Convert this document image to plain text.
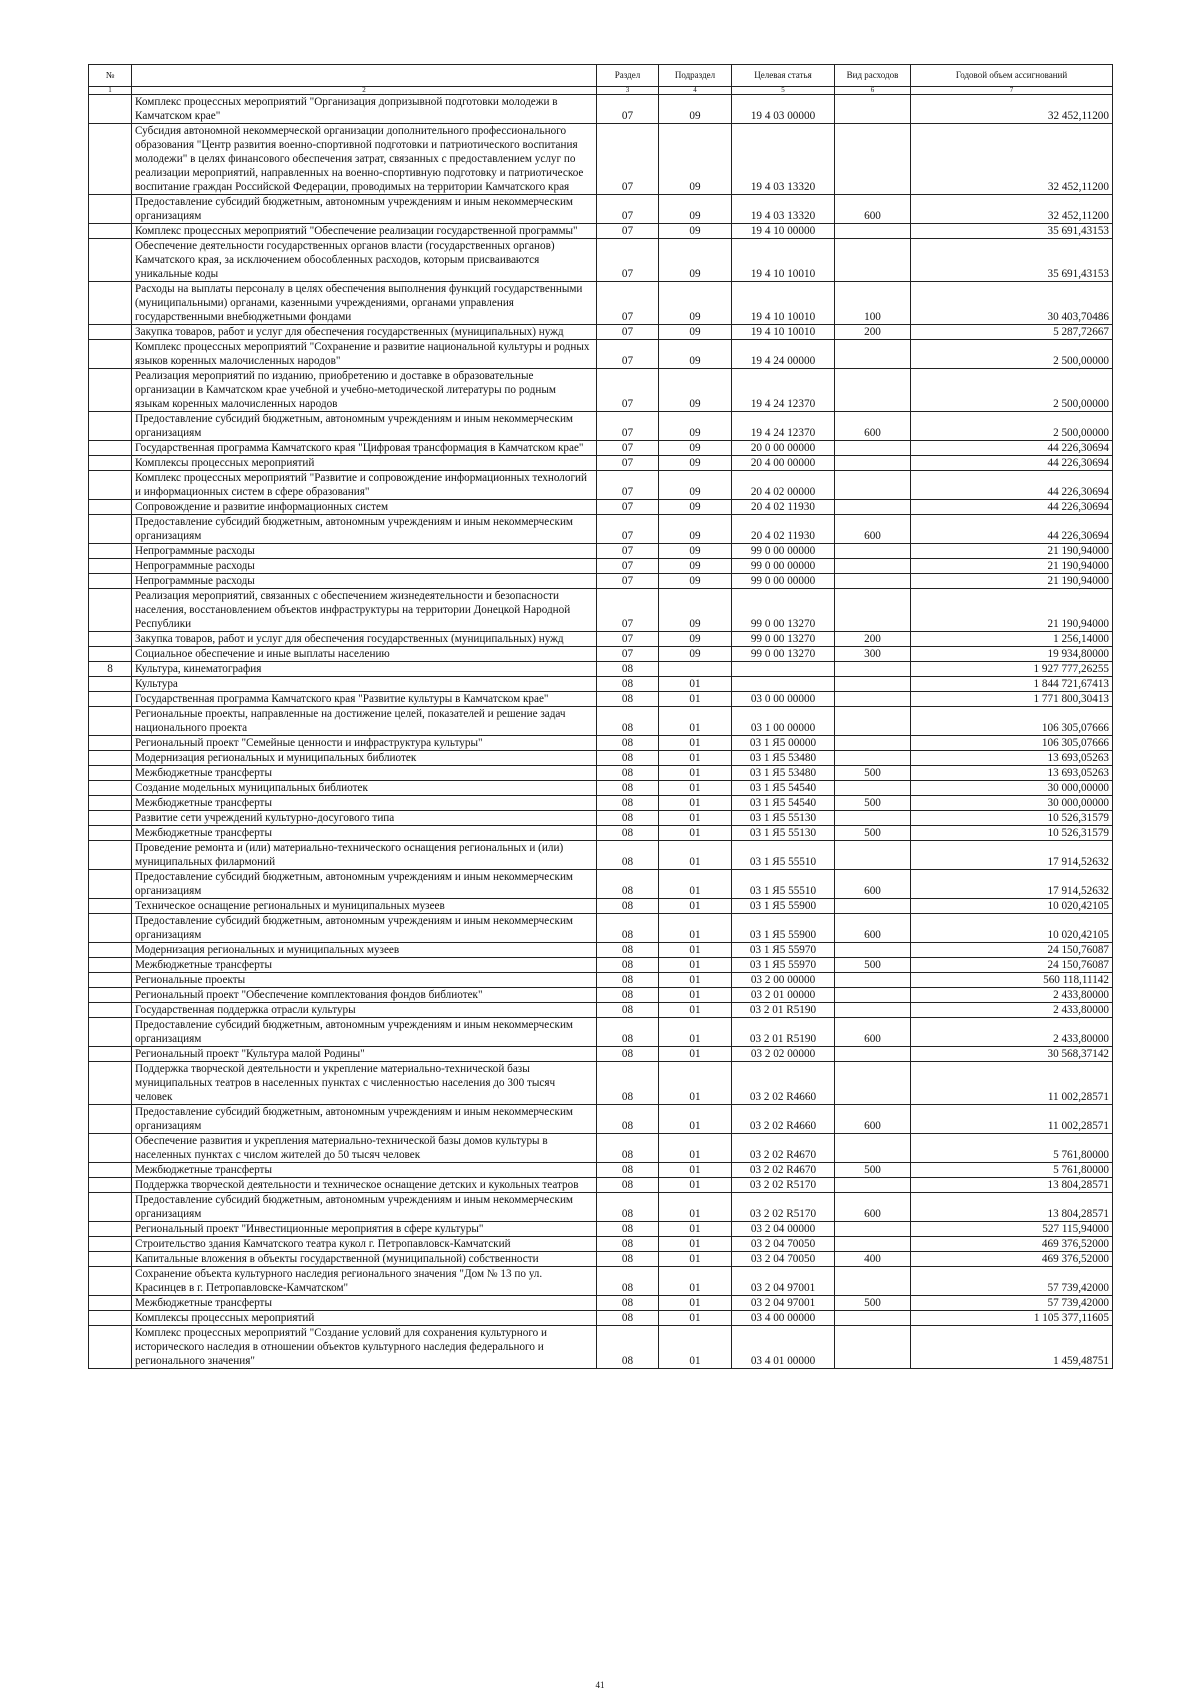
№		Раздел	Подраздел	Целевая статья	Вид расходов	Годовой объем ассигнований
1	2	3	4	5	6	7
	Комплекс процессных мероприятий "Организация допризывной подготовки молодежи в Камчатском крае"	07	09	19 4 03 00000		32 452,11200
	Субсидия автономной некоммерческой организации дополнительного профессионального образования "Центр развития военно-спортивной подготовки и патриотического воспитания молодежи" в целях финансового обеспечения затрат, связанных с предоставлением услуг по реализации мероприятий, направленных на военно-спортивную подготовку и патриотическое воспитание граждан Российской Федерации, проводимых на территории Камчатского края	07	09	19 4 03 13320		32 452,11200
	Предоставление субсидий бюджетным, автономным учреждениям и иным некоммерческим организациям	07	09	19 4 03 13320	600	32 452,11200
	Комплекс процессных мероприятий "Обеспечение реализации государственной программы"	07	09	19 4 10 00000		35 691,43153
	Обеспечение деятельности государственных органов власти (государственных органов) Камчатского края, за исключением обособленных расходов, которым присваиваются уникальные коды	07	09	19 4 10 10010		35 691,43153
	Расходы на выплаты персоналу в целях обеспечения выполнения функций государственными (муниципальными) органами, казенными учреждениями, органами управления государственными внебюджетными фондами	07	09	19 4 10 10010	100	30 403,70486
	Закупка товаров, работ и услуг для обеспечения государственных (муниципальных) нужд	07	09	19 4 10 10010	200	5 287,72667
	Комплекс процессных мероприятий "Сохранение и развитие национальной культуры и родных языков коренных малочисленных народов"	07	09	19 4 24 00000		2 500,00000
	Реализация мероприятий по изданию, приобретению и доставке в образовательные организации в Камчатском крае учебной и учебно-методической литературы по родным языкам коренных малочисленных народов	07	09	19 4 24 12370		2 500,00000
	Предоставление субсидий бюджетным, автономным учреждениям и иным некоммерческим организациям	07	09	19 4 24 12370	600	2 500,00000
	Государственная программа Камчатского края "Цифровая трансформация в Камчатском крае"	07	09	20 0 00 00000		44 226,30694
	Комплексы процессных мероприятий	07	09	20 4 00 00000		44 226,30694
	Комплекс процессных мероприятий "Развитие и сопровождение информационных технологий и информационных систем в сфере образования"	07	09	20 4 02 00000		44 226,30694
	Сопровождение и развитие информационных систем	07	09	20 4 02 11930		44 226,30694
	Предоставление субсидий бюджетным, автономным учреждениям и иным некоммерческим организациям	07	09	20 4 02 11930	600	44 226,30694
	Непрограммные расходы	07	09	99 0 00 00000		21 190,94000
	Непрограммные расходы	07	09	99 0 00 00000		21 190,94000
	Непрограммные расходы	07	09	99 0 00 00000		21 190,94000
	Реализация мероприятий, связанных с обеспечением жизнедеятельности и безопасности населения, восстановлением объектов инфраструктуры на территории Донецкой Народной Республики	07	09	99 0 00 13270		21 190,94000
	Закупка товаров, работ и услуг для обеспечения государственных (муниципальных) нужд	07	09	99 0 00 13270	200	1 256,14000
	Социальное обеспечение и иные выплаты населению	07	09	99 0 00 13270	300	19 934,80000
8	Культура, кинематография	08				1 927 777,26255
	Культура	08	01			1 844 721,67413
	Государственная программа Камчатского края "Развитие культуры в Камчатском крае"	08	01	03 0 00 00000		1 771 800,30413
	Региональные проекты, направленные на достижение целей, показателей и решение задач национального проекта	08	01	03 1 00 00000		106 305,07666
	Региональный проект "Семейные ценности и инфраструктура культуры"	08	01	03 1 Я5 00000		106 305,07666
	Модернизация региональных и муниципальных библиотек	08	01	03 1 Я5 53480		13 693,05263
	Межбюджетные трансферты	08	01	03 1 Я5 53480	500	13 693,05263
	Создание модельных муниципальных библиотек	08	01	03 1 Я5 54540		30 000,00000
	Межбюджетные трансферты	08	01	03 1 Я5 54540	500	30 000,00000
	Развитие сети учреждений культурно-досугового типа	08	01	03 1 Я5 55130		10 526,31579
	Межбюджетные трансферты	08	01	03 1 Я5 55130	500	10 526,31579
	Проведение ремонта и (или) материально-технического оснащения региональных и (или) муниципальных филармоний	08	01	03 1 Я5 55510		17 914,52632
	Предоставление субсидий бюджетным, автономным учреждениям и иным некоммерческим организациям	08	01	03 1 Я5 55510	600	17 914,52632
	Техническое оснащение региональных и муниципальных музеев	08	01	03 1 Я5 55900		10 020,42105
	Предоставление субсидий бюджетным, автономным учреждениям и иным некоммерческим организациям	08	01	03 1 Я5 55900	600	10 020,42105
	Модернизация региональных и муниципальных музеев	08	01	03 1 Я5 55970		24 150,76087
	Межбюджетные трансферты	08	01	03 1 Я5 55970	500	24 150,76087
	Региональные проекты	08	01	03 2 00 00000		560 118,11142
	Региональный проект "Обеспечение комплектования фондов библиотек"	08	01	03 2 01 00000		2 433,80000
	Государственная поддержка отрасли культуры	08	01	03 2 01 R5190		2 433,80000
	Предоставление субсидий бюджетным, автономным учреждениям и иным некоммерческим организациям	08	01	03 2 01 R5190	600	2 433,80000
	Региональный проект "Культура малой Родины"	08	01	03 2 02 00000		30 568,37142
	Поддержка творческой деятельности и укрепление материально-технической базы муниципальных театров в населенных пунктах с численностью населения до 300 тысяч человек	08	01	03 2 02 R4660		11 002,28571
	Предоставление субсидий бюджетным, автономным учреждениям и иным некоммерческим организациям	08	01	03 2 02 R4660	600	11 002,28571
	Обеспечение развития и укрепления материально-технической базы домов культуры в населенных пунктах с числом жителей до 50 тысяч человек	08	01	03 2 02 R4670		5 761,80000
	Межбюджетные трансферты	08	01	03 2 02 R4670	500	5 761,80000
	Поддержка творческой деятельности и техническое оснащение детских и кукольных театров	08	01	03 2 02 R5170		13 804,28571
	Предоставление субсидий бюджетным, автономным учреждениям и иным некоммерческим организациям	08	01	03 2 02 R5170	600	13 804,28571
	Региональный проект "Инвестиционные мероприятия в сфере культуры"	08	01	03 2 04 00000		527 115,94000
	Строительство здания Камчатского театра кукол г. Петропавловск-Камчатский	08	01	03 2 04 70050		469 376,52000
	Капитальные вложения в объекты государственной (муниципальной) собственности	08	01	03 2 04 70050	400	469 376,52000
	Сохранение объекта культурного наследия регионального значения "Дом № 13 по ул. Красинцев в г. Петропавловске-Камчатском"	08	01	03 2 04 97001		57 739,42000
	Межбюджетные трансферты	08	01	03 2 04 97001	500	57 739,42000
	Комплексы процессных мероприятий	08	01	03 4 00 00000		1 105 377,11605
	Комплекс процессных мероприятий "Создание условий для сохранения культурного и исторического наследия в отношении объектов культурного наследия федерального и регионального значения"	08	01	03 4 01 00000		1 459,48751
41
